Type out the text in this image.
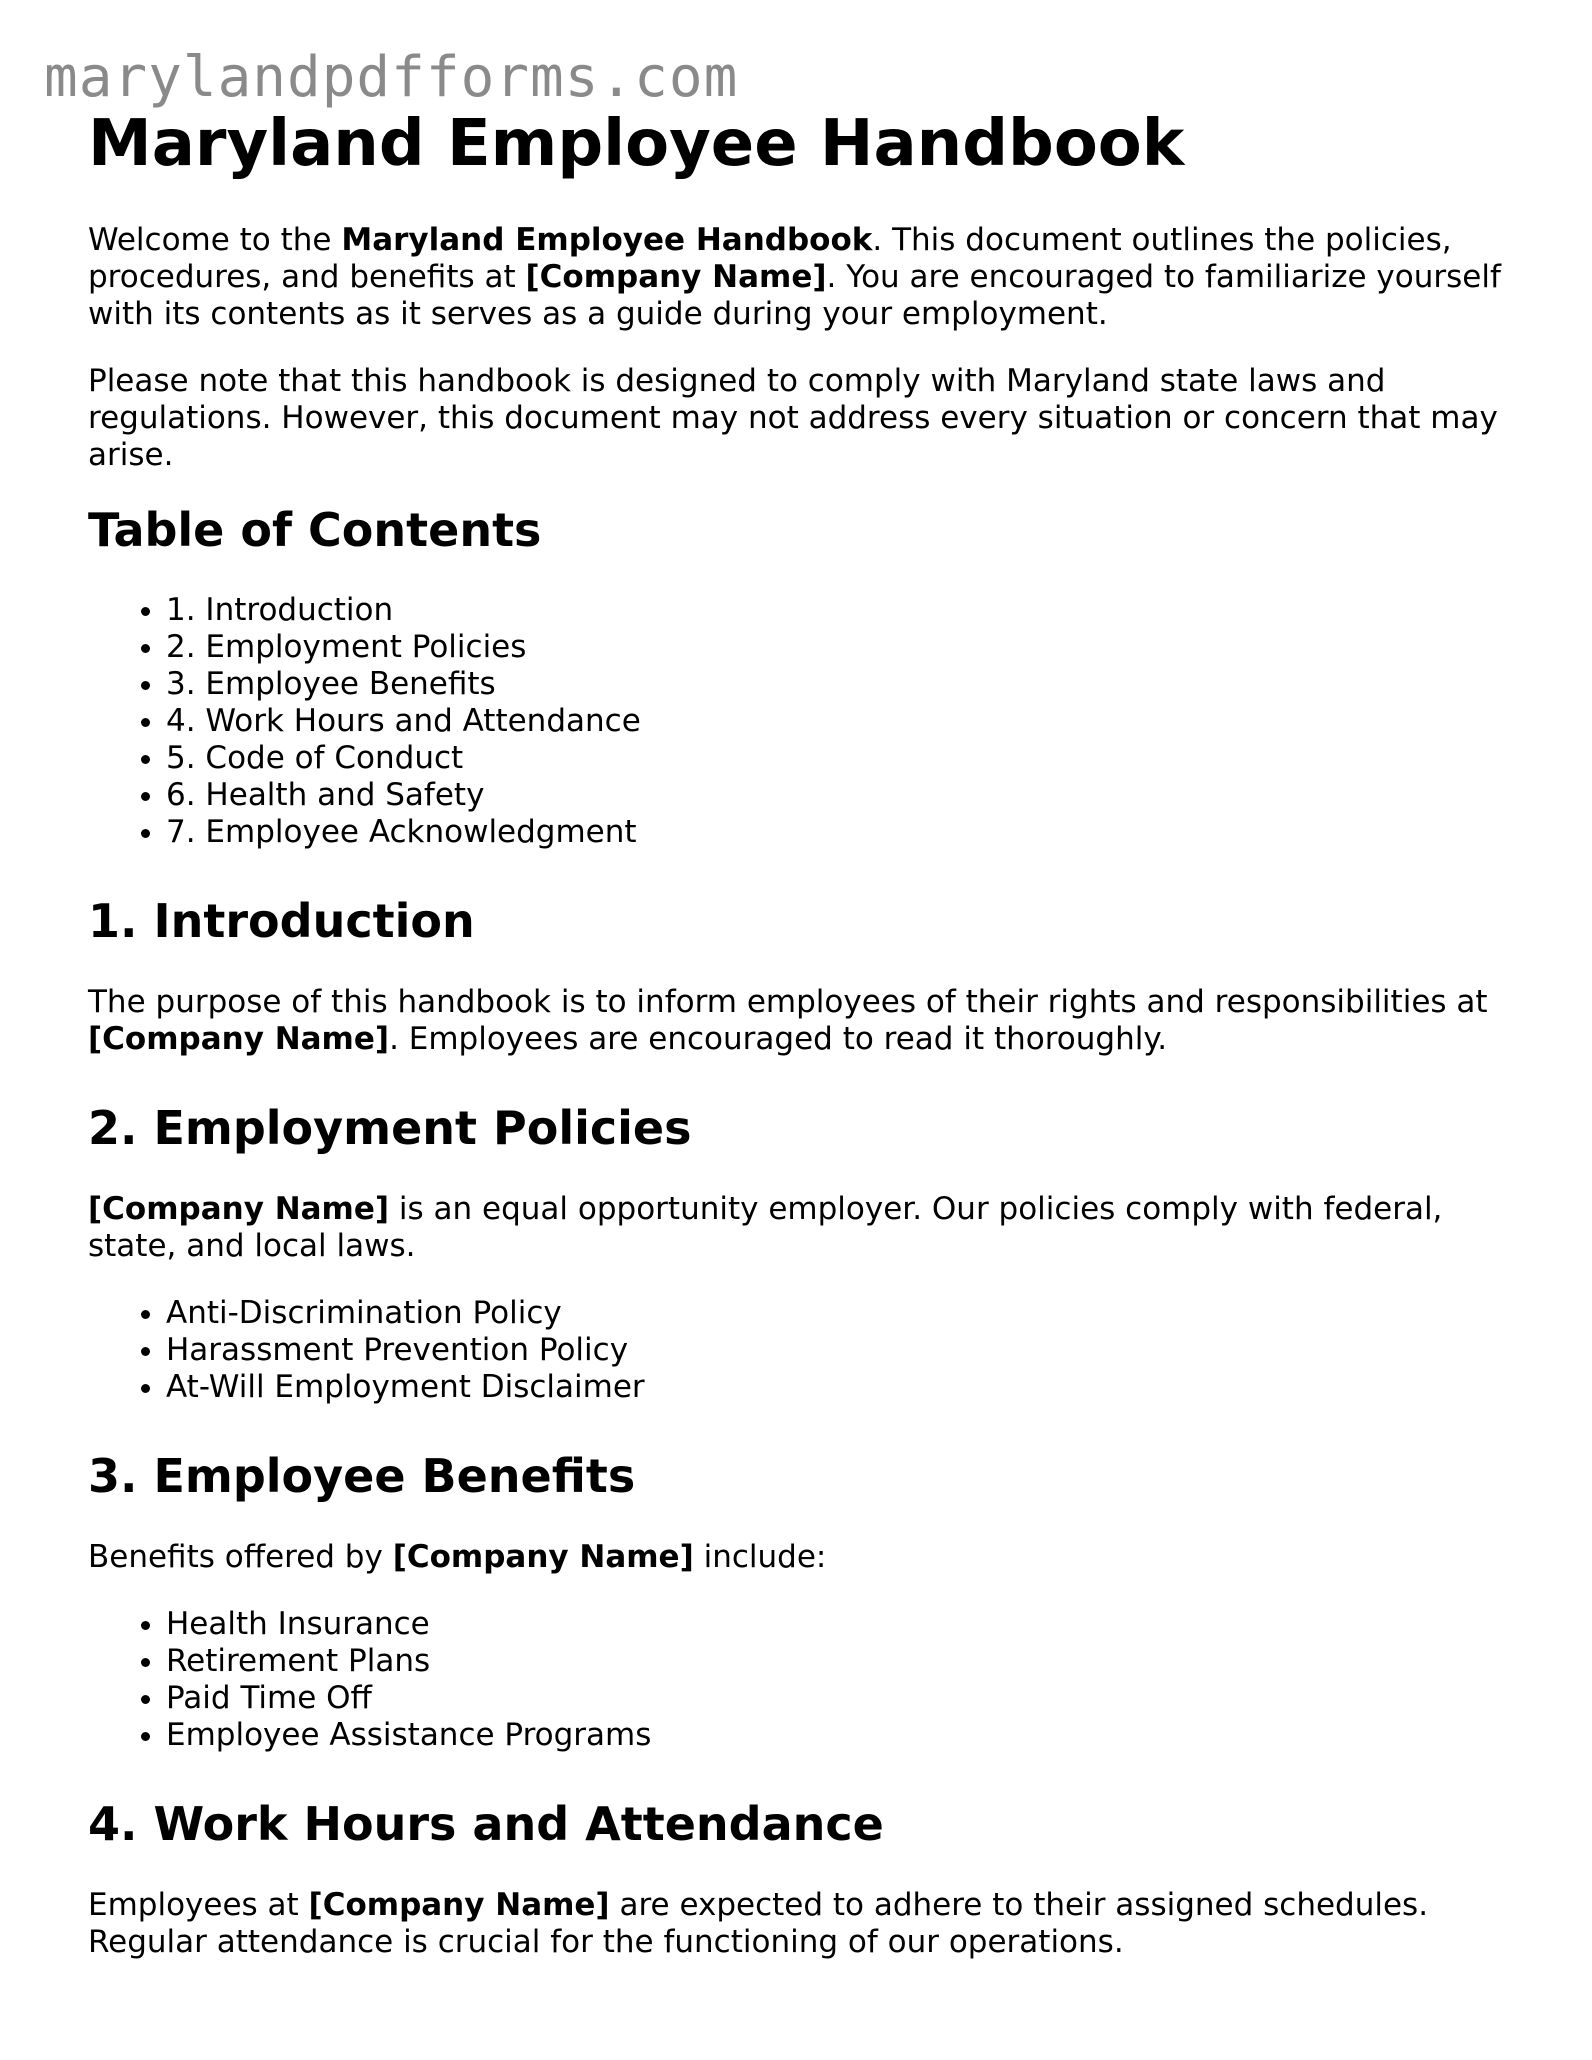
marylandpdfforms.com
Maryland Employee Handbook

Welcome to the Maryland Employee Handbook. This document outlines the policies, procedures, and benefits at [Company Name]. You are encouraged to familiarize yourself with its contents as it serves as a guide during your employment.

Please note that this handbook is designed to comply with Maryland state laws and regulations. However, this document may not address every situation or concern that may arise.

Table of Contents
• 1. Introduction
• 2. Employment Policies
• 3. Employee Benefits
• 4. Work Hours and Attendance
• 5. Code of Conduct
• 6. Health and Safety
• 7. Employee Acknowledgment
1. Introduction

The purpose of this handbook is to inform employees of their rights and responsibilities at [Company Name]. Employees are encouraged to read it thoroughly.

2. Employment Policies

[Company Name] is an equal opportunity employer. Our policies comply with federal, state, and local laws.

• Anti-Discrimination Policy
• Harassment Prevention Policy
• At-Will Employment Disclaimer
3. Employee Benefits

Benefits offered by [Company Name] include:

• Health Insurance
• Retirement Plans
• Paid Time Off
• Employee Assistance Programs
4. Work Hours and Attendance

Employees at [Company Name] are expected to adhere to their assigned schedules. Regular attendance is crucial for the functioning of our operations.
